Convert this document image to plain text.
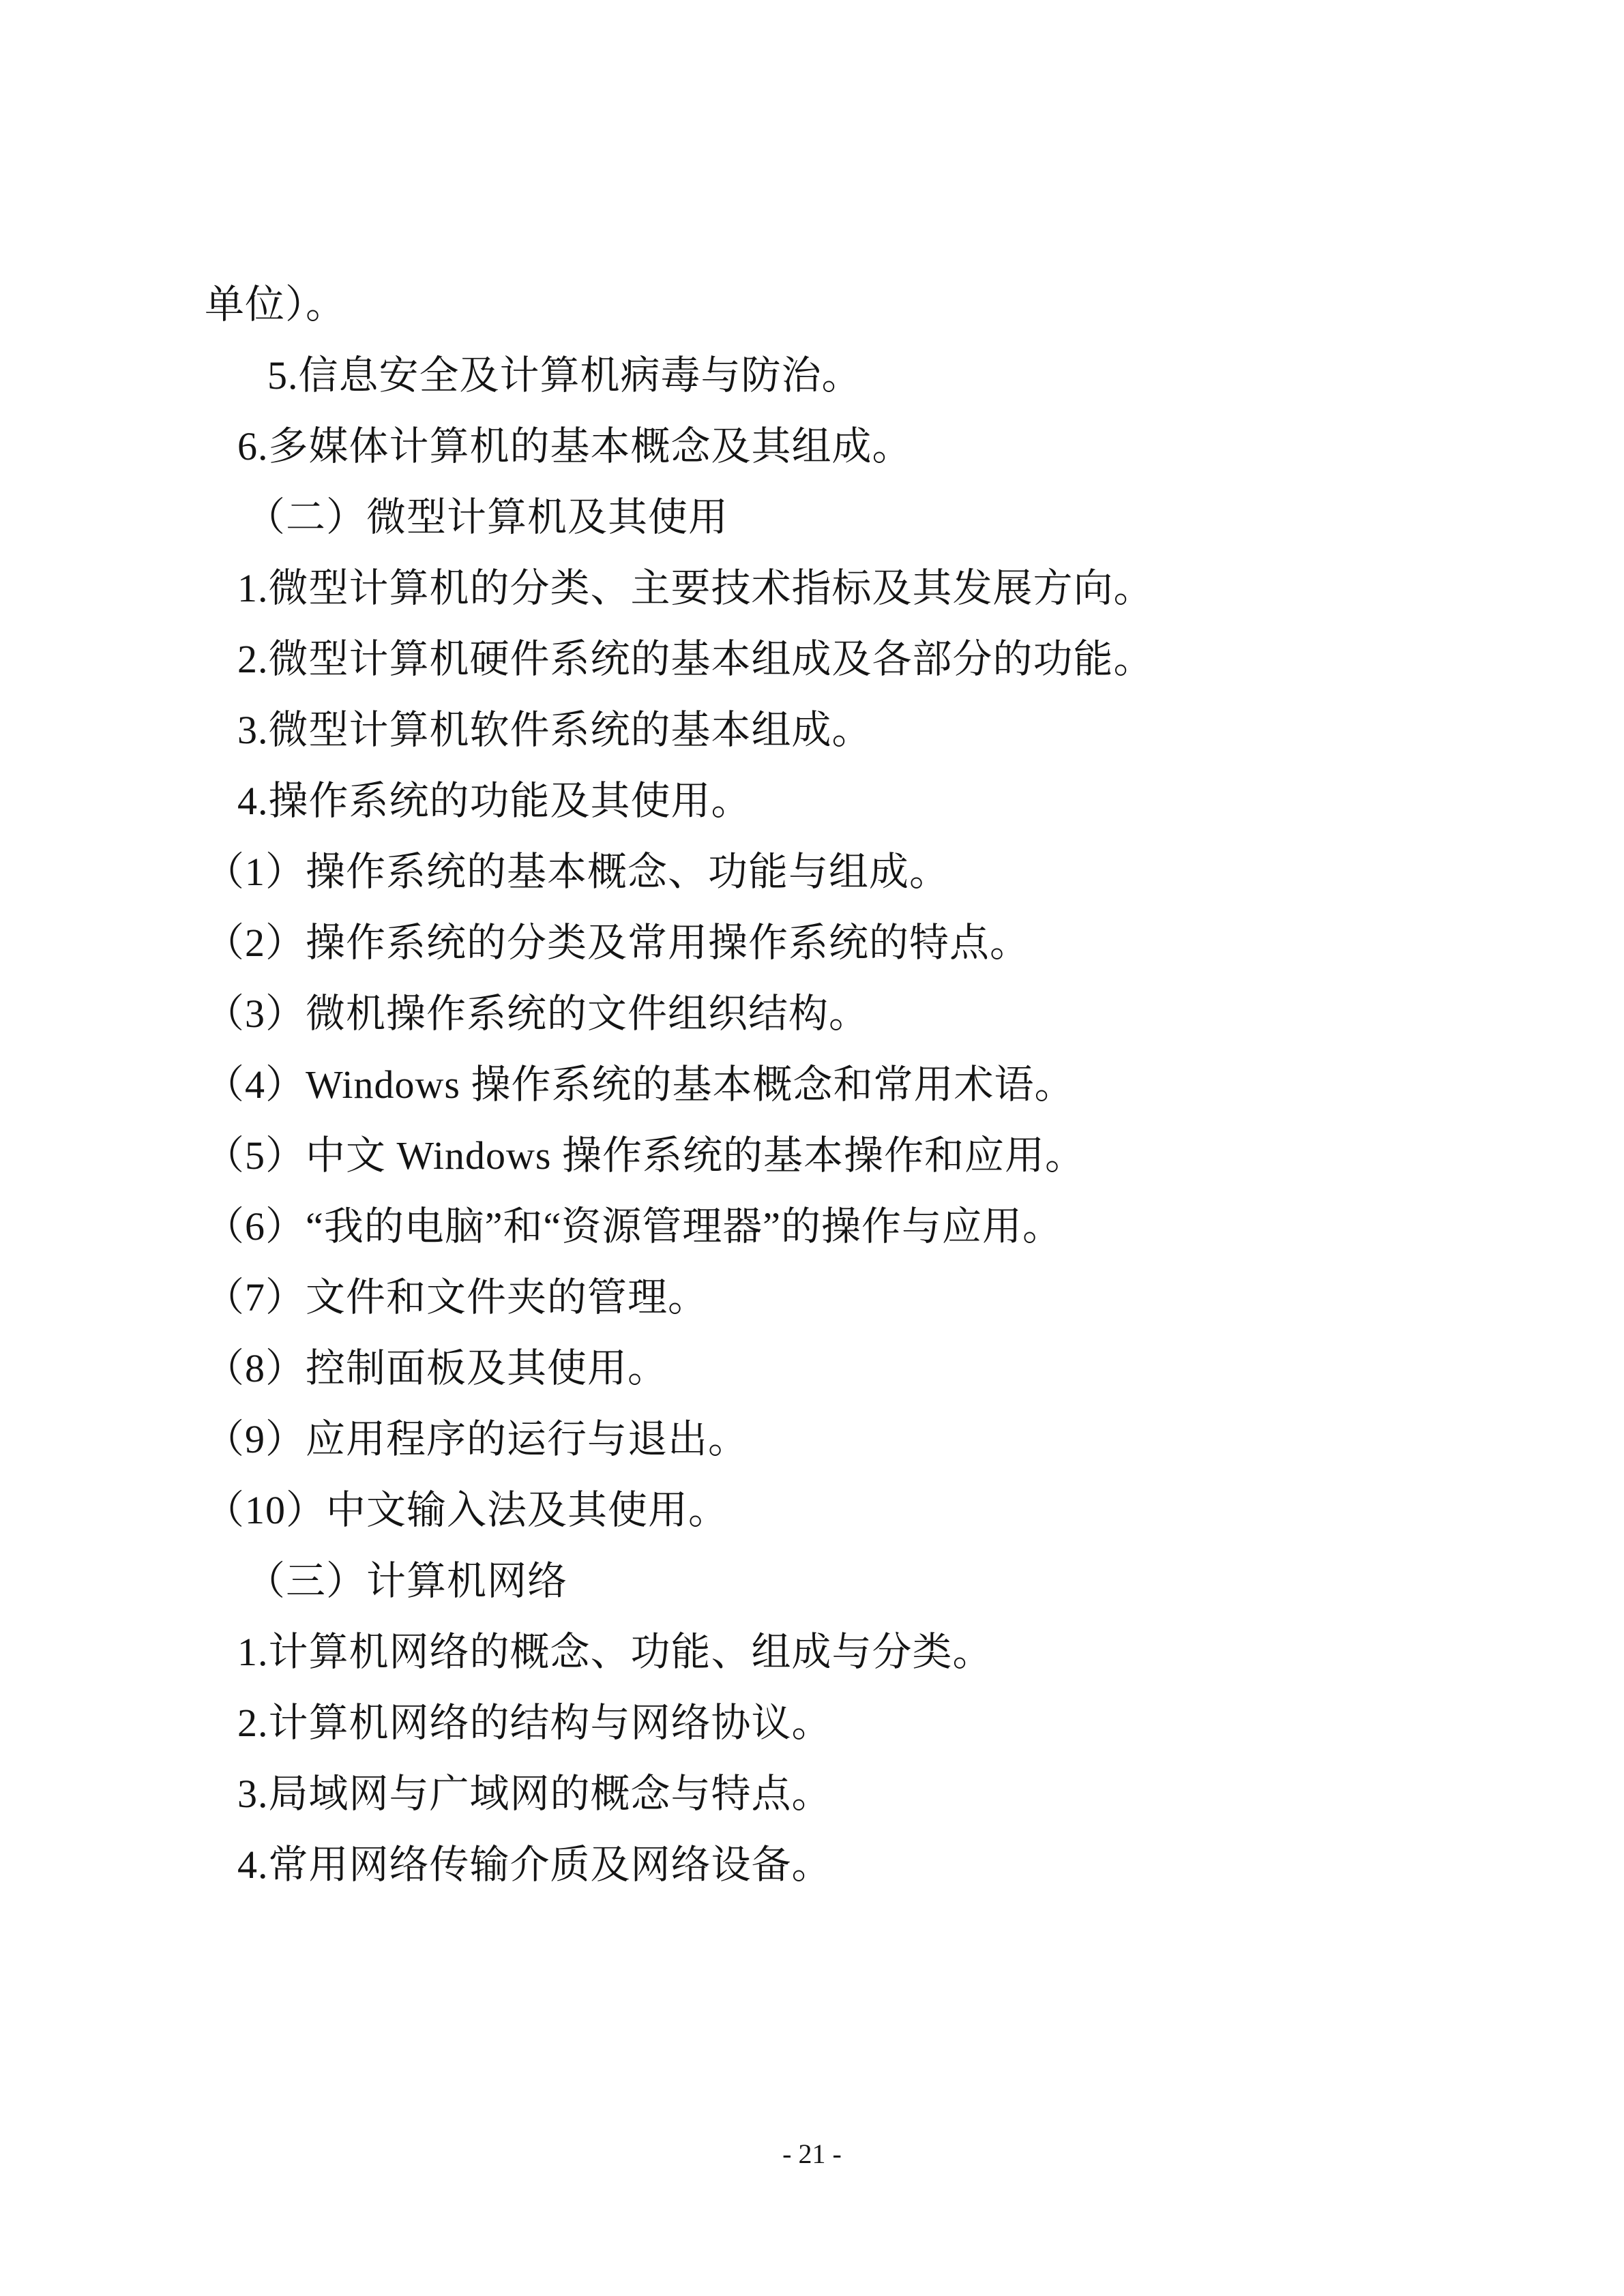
单位）。
5.信息安全及计算机病毒与防治。
6.多媒体计算机的基本概念及其组成。
（二）微型计算机及其使用
1.微型计算机的分类、主要技术指标及其发展方向。
2.微型计算机硬件系统的基本组成及各部分的功能。
3.微型计算机软件系统的基本组成。
4.操作系统的功能及其使用。
（1）操作系统的基本概念、功能与组成。
（2）操作系统的分类及常用操作系统的特点。
（3）微机操作系统的文件组织结构。
（4）Windows 操作系统的基本概念和常用术语。
（5）中文 Windows 操作系统的基本操作和应用。
（6）“我的电脑”和“资源管理器”的操作与应用。
（7）文件和文件夹的管理。
（8）控制面板及其使用。
（9）应用程序的运行与退出。
（10）中文输入法及其使用。
（三）计算机网络
1.计算机网络的概念、功能、组成与分类。
2.计算机网络的结构与网络协议。
3.局域网与广域网的概念与特点。
4.常用网络传输介质及网络设备。
- 21 -
